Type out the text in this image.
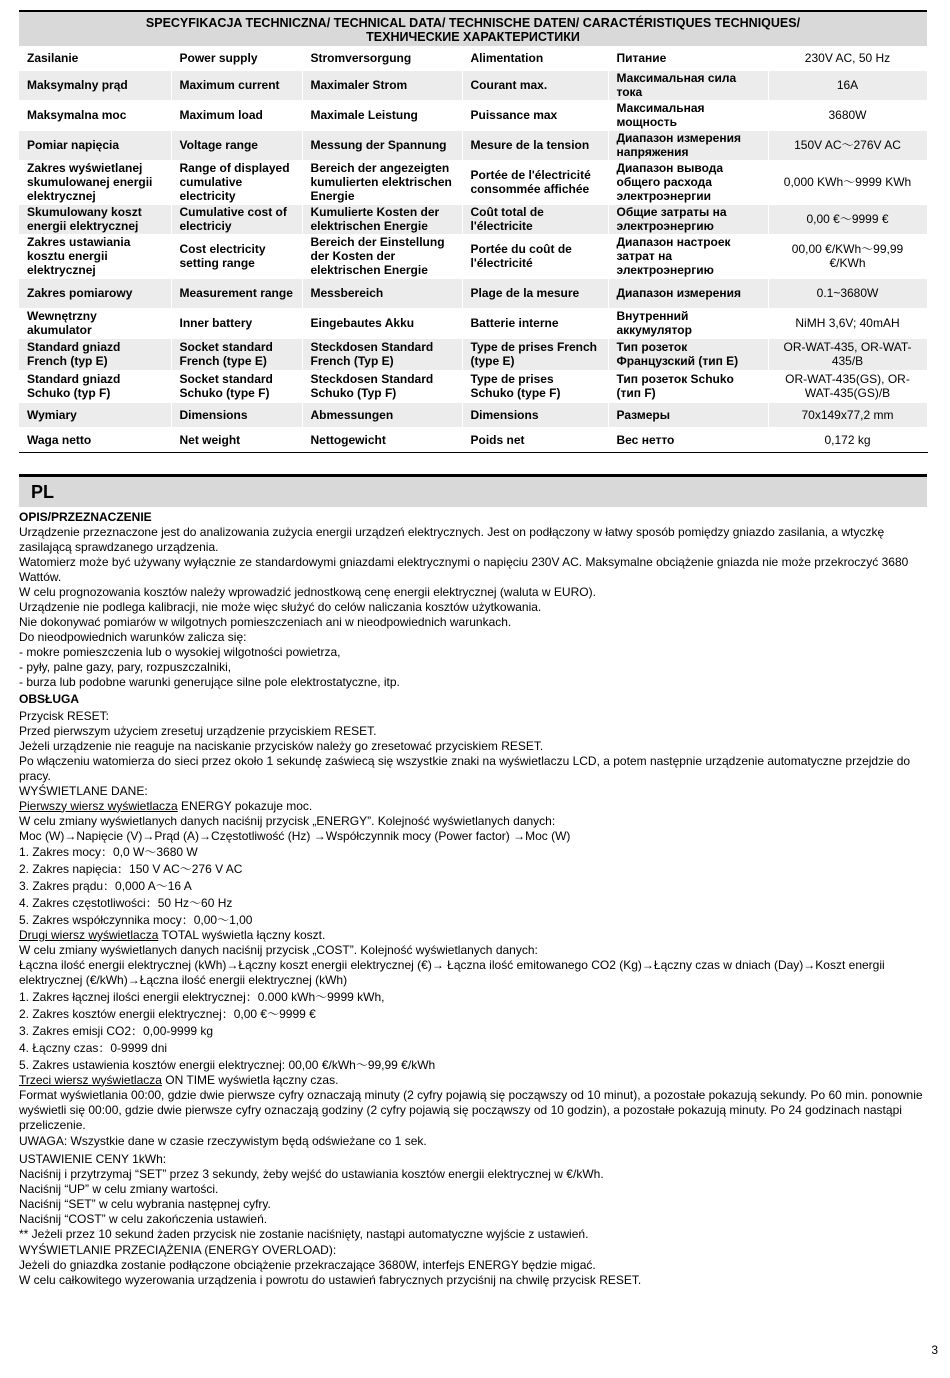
SPECYFIKACJA TECHNICZNA/ TECHNICAL DATA/ TECHNISCHE DATEN/ CARACTÉRISTIQUES TECHNIQUES/
ТЕХНИЧЕСКИЕ ХАРАКТЕРИСТИКИ
Zasilanie	Power supply	Stromversorgung	Alimentation	Питание	230V AC, 50 Hz
Maksymalny prąd	Maximum current	Maximaler Strom	Courant max.	Максимальная сила тока	16A
Maksymalna moc	Maximum load	Maximale Leistung	Puissance max	Максимальная мощность	3680W
Pomiar napięcia	Voltage range	Messung der Spannung	Mesure de la tension	Диапазон измерения напряжения	150V AC～276V AC
Zakres wyświetlanej skumulowanej energii elektrycznej	Range of displayed cumulative electricity	Bereich der angezeigten kumulierten elektrischen Energie	Portée de l'électricité consommée affichée	Диапазон вывода общего расхода электроэнергии	0,000 KWh～9999 KWh
Skumulowany koszt energii elektrycznej	Cumulative cost of electriciy	Kumulierte Kosten der elektrischen Energie	Coût total de l'électricite	Общие затраты на электроэнергию	0,00 €～9999 €
Zakres ustawiania kosztu energii elektrycznej	Cost electricity setting range	Bereich der Einstellung der Kosten der elektrischen Energie	Portée du coût de l'électricité	Диапазон настроек затрат на электроэнергию	00,00 €/KWh～99,99 €/KWh
Zakres pomiarowy	Measurement range	Messbereich	Plage de la mesure	Диапазон измерения	0.1~3680W
Wewnętrzny akumulator	Inner battery	Eingebautes Akku	Batterie interne	Внутренний аккумулятор	NiMH 3,6V; 40mAH
Standard gniazd French (typ E)	Socket standard French (type E)	Steckdosen Standard French (Typ E)	Type de prises French (type E)	Тип розеток Французский (тип E)	OR-WAT-435, OR-WAT-435/B
Standard gniazd Schuko (typ F)	Socket standard Schuko (type F)	Steckdosen Standard Schuko (Typ F)	Type de prises Schuko (type F)	Тип розеток Schuko (тип F)	OR-WAT-435(GS), OR-WAT-435(GS)/B
Wymiary	Dimensions	Abmessungen	Dimensions	Размеры	70x149x77,2 mm
Waga netto	Net weight	Nettogewicht	Poids net	Вес нетто	0,172 kg
PL

OPIS/PRZEZNACZENIE

Urządzenie przeznaczone jest do analizowania zużycia energii urządzeń elektrycznych. Jest on podłączony w łatwy sposób pomiędzy gniazdo zasilania, a wtyczkę zasilającą sprawdzanego urządzenia.

Watomierz może być używany wyłącznie ze standardowymi gniazdami elektrycznymi o napięciu 230V AC. Maksymalne obciążenie gniazda nie może przekroczyć 3680 Wattów.

W celu prognozowania kosztów należy wprowadzić jednostkową cenę energii elektrycznej (waluta w EURO).

Urządzenie nie podlega kalibracji, nie może więc służyć do celów naliczania kosztów użytkowania.

Nie dokonywać pomiarów w wilgotnych pomieszczeniach ani w nieodpowiednich warunkach.

Do nieodpowiednich warunków zalicza się:

- mokre pomieszczenia lub o wysokiej wilgotności powietrza,

- pyły, palne gazy, pary, rozpuszczalniki,

- burza lub podobne warunki generujące silne pole elektrostatyczne, itp.

OBSŁUGA

Przycisk RESET:

Przed pierwszym użyciem zresetuj urządzenie przyciskiem RESET.

Jeżeli urządzenie nie reaguje na naciskanie przycisków należy go zresetować przyciskiem RESET.

Po włączeniu watomierza do sieci przez około 1 sekundę zaświecą się wszystkie znaki na wyświetlaczu LCD, a potem następnie urządzenie automatyczne przejdzie do pracy.

WYŚWIETLANE DANE:

Pierwszy wiersz wyświetlacza ENERGY pokazuje moc.

W celu zmiany wyświetlanych danych naciśnij przycisk „ENERGY”. Kolejność wyświetlanych danych:

Moc (W)→Napięcie (V)→Prąd (A)→Częstotliwość (Hz) →Współczynnik mocy (Power factor) →Moc (W)

1. Zakres mocy：0,0 W～3680 W

2. Zakres napięcia：150 V AC～276 V AC

3. Zakres prądu：0,000 A～16 A

4. Zakres częstotliwości：50 Hz～60 Hz

5. Zakres współczynnika mocy：0,00～1,00

Drugi wiersz wyświetlacza TOTAL wyświetla łączny koszt.

W celu zmiany wyświetlanych danych naciśnij przycisk „COST”. Kolejność wyświetlanych danych:

Łączna ilość energii elektrycznej (kWh)→Łączny koszt energii elektrycznej (€)→ Łączna ilość emitowanego CO2 (Kg)→Łączny czas w dniach (Day)→Koszt energii elektrycznej (€/kWh)→Łączna ilość energii elektrycznej (kWh)

1. Zakres łącznej ilości energii elektrycznej：0.000 kWh～9999 kWh,

2. Zakres kosztów energii elektrycznej：0,00 €～9999 €

3. Zakres emisji CO2：0,00-9999 kg

4. Łączny czas：0-9999 dni

5. Zakres ustawienia kosztów energii elektrycznej: 00,00 €/kWh～99,99 €/kWh

Trzeci wiersz wyświetlacza ON TIME wyświetla łączny czas.

Format wyświetlania 00:00, gdzie dwie pierwsze cyfry oznaczają minuty (2 cyfry pojawią się począwszy od 10 minut), a pozostałe pokazują sekundy. Po 60 min. ponownie wyświetli się 00:00, gdzie dwie pierwsze cyfry oznaczają godziny (2 cyfry pojawią się począwszy od 10 godzin), a pozostałe pokazują minuty. Po 24 godzinach nastąpi przeliczenie.

UWAGA: Wszystkie dane w czasie rzeczywistym będą odświeżane co 1 sek.

USTAWIENIE CENY 1kWh:

Naciśnij i przytrzymaj “SET” przez 3 sekundy, żeby wejść do ustawiania kosztów energii elektrycznej w €/kWh.

Naciśnij “UP” w celu zmiany wartości.

Naciśnij “SET” w celu wybrania następnej cyfry.

Naciśnij “COST” w celu zakończenia ustawień.

** Jeżeli przez 10 sekund żaden przycisk nie zostanie naciśnięty, nastąpi automatyczne wyjście z ustawień.

WYŚWIETLANIE PRZECIĄŻENIA (ENERGY OVERLOAD):

Jeżeli do gniazdka zostanie podłączone obciążenie przekraczające 3680W, interfejs ENERGY będzie migać.

W celu całkowitego wyzerowania urządzenia i powrotu do ustawień fabrycznych przyciśnij na chwilę przycisk RESET.

3
